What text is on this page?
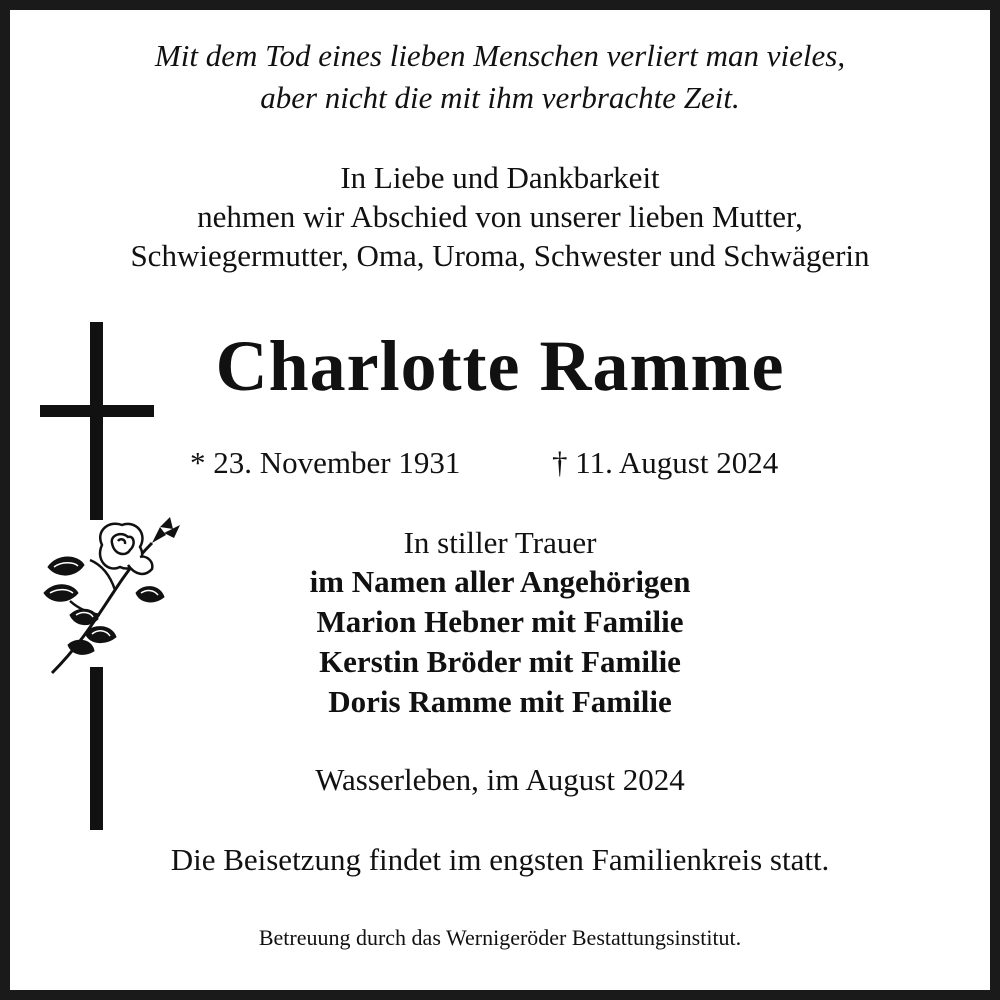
Mit dem Tod eines lieben Menschen verliert man vieles,
aber nicht die mit ihm verbrachte Zeit.
In Liebe und Dankbarkeit
nehmen wir Abschied von unserer lieben Mutter,
Schwiegermutter, Oma, Uroma, Schwester und Schwägerin
Charlotte Ramme
* 23. November 1931	† 11. August 2024
In stiller Trauer
im Namen aller Angehörigen
Marion Hebner mit Familie
Kerstin Bröder mit Familie
Doris Ramme mit Familie
Wasserleben, im August 2024
Die Beisetzung findet im engsten Familienkreis statt.
Betreuung durch das Wernigeröder Bestattungsinstitut.
